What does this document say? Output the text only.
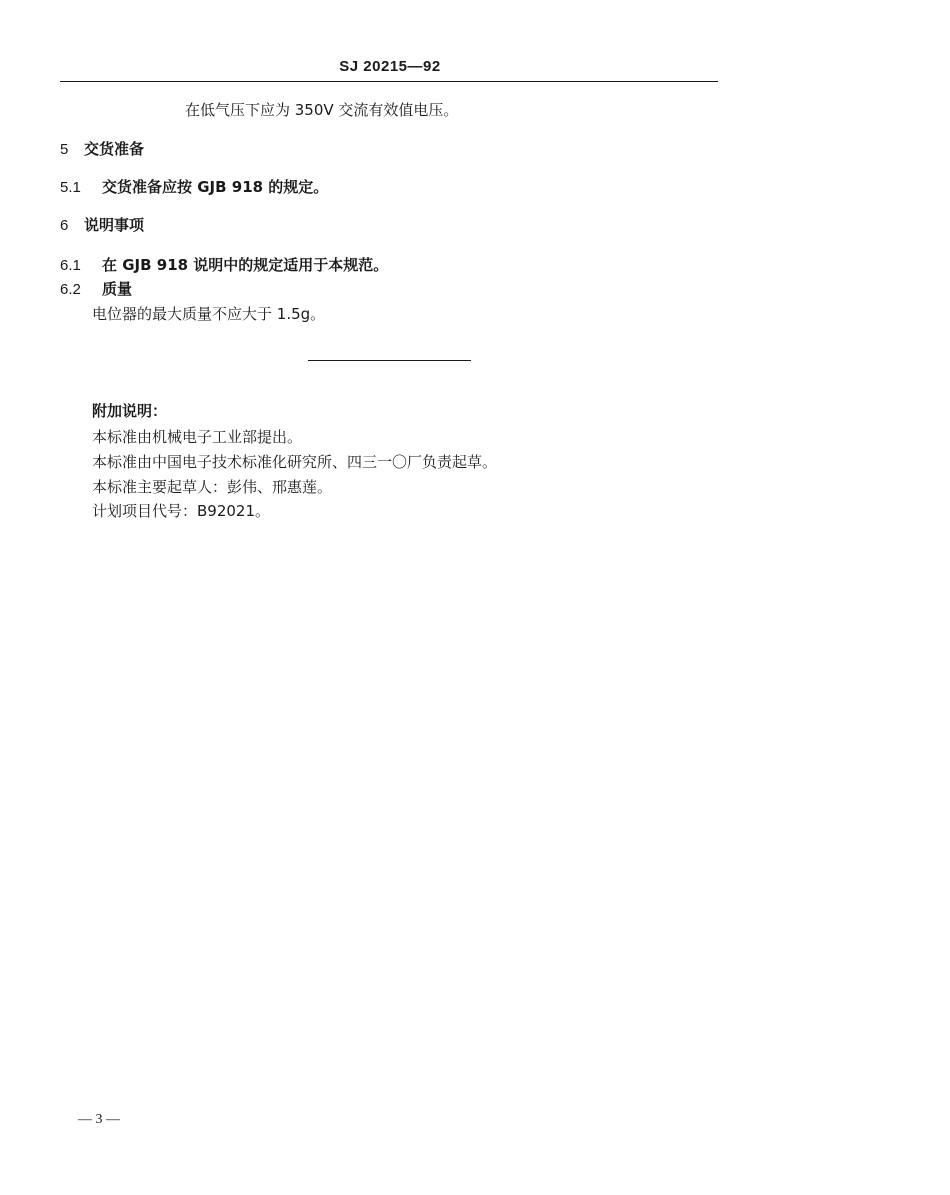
SJ 20215—92
在低气压下应为 350V 交流有效值电压。
5 交货准备
5.1 交货准备应按 GJB 918 的规定。
6 说明事项
6.1 在 GJB 918 说明中的规定适用于本规范。
6.2 质量
电位器的最大质量不应大于 1.5g。
附加说明：
本标准由机械电子工业部提出。
本标准由中国电子技术标准化研究所、四三一〇厂负责起草。
本标准主要起草人：彭伟、邢惠莲。
计划项目代号：B92021。
— 3 —
